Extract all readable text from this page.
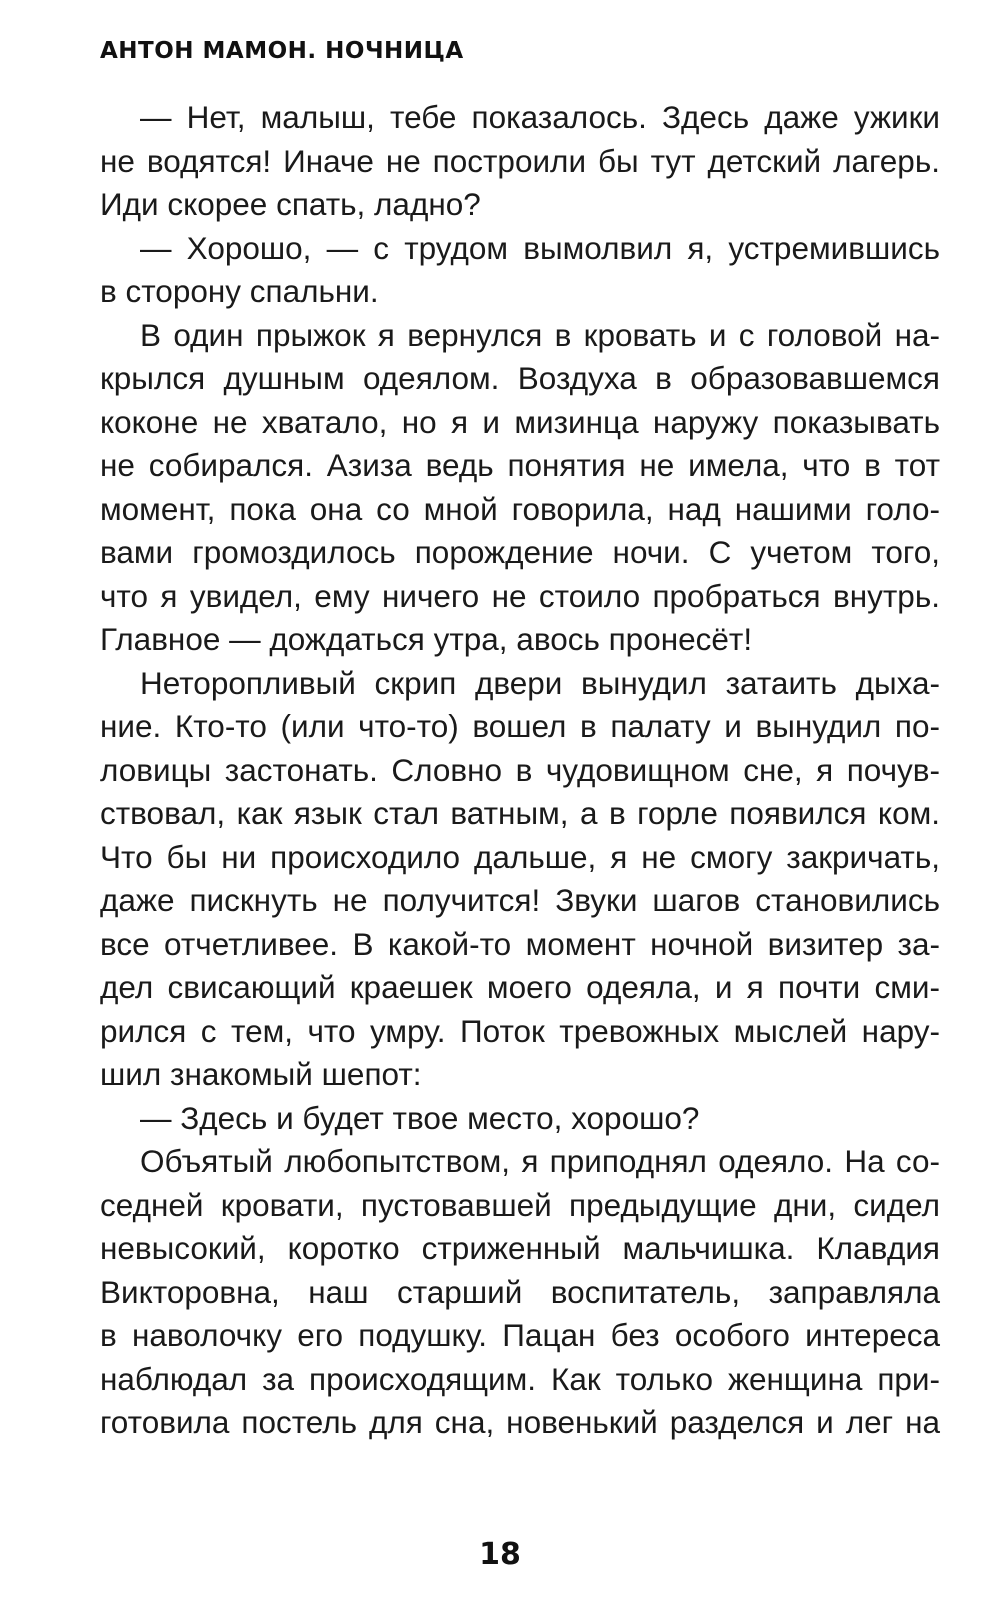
АНТОН МАМОН. НОЧНИЦА
— Нет, малыш, тебе показалось. Здесь даже ужики
не водятся! Иначе не построили бы тут детский лагерь.
Иди скорее спать, ладно?
— Хорошо, — с трудом вымолвил я, устремившись
в сторону спальни.
В один прыжок я вернулся в кровать и с головой на-
крылся душным одеялом. Воздуха в образовавшемся
коконе не хватало, но я и мизинца наружу показывать
не собирался. Азиза ведь понятия не имела, что в тот
момент, пока она со мной говорила, над нашими голо-
вами громоздилось порождение ночи. С учетом того,
что я увидел, ему ничего не стоило пробраться внутрь.
Главное — дождаться утра, авось пронесёт!
Неторопливый скрип двери вынудил затаить дыха-
ние. Кто-то (или что-то) вошел в палату и вынудил по-
ловицы застонать. Словно в чудовищном сне, я почув-
ствовал, как язык стал ватным, а в горле появился ком.
Что бы ни происходило дальше, я не смогу закричать,
даже пискнуть не получится! Звуки шагов становились
все отчетливее. В какой-то момент ночной визитер за-
дел свисающий краешек моего одеяла, и я почти сми-
рился с тем, что умру. Поток тревожных мыслей нару-
шил знакомый шепот:
— Здесь и будет твое место, хорошо?
Объятый любопытством, я приподнял одеяло. На со-
седней кровати, пустовавшей предыдущие дни, сидел
невысокий, коротко стриженный мальчишка. Клавдия
Викторовна, наш старший воспитатель, заправляла
в наволочку его подушку. Пацан без особого интереса
наблюдал за происходящим. Как только женщина при-
готовила постель для сна, новенький разделся и лег на
18
